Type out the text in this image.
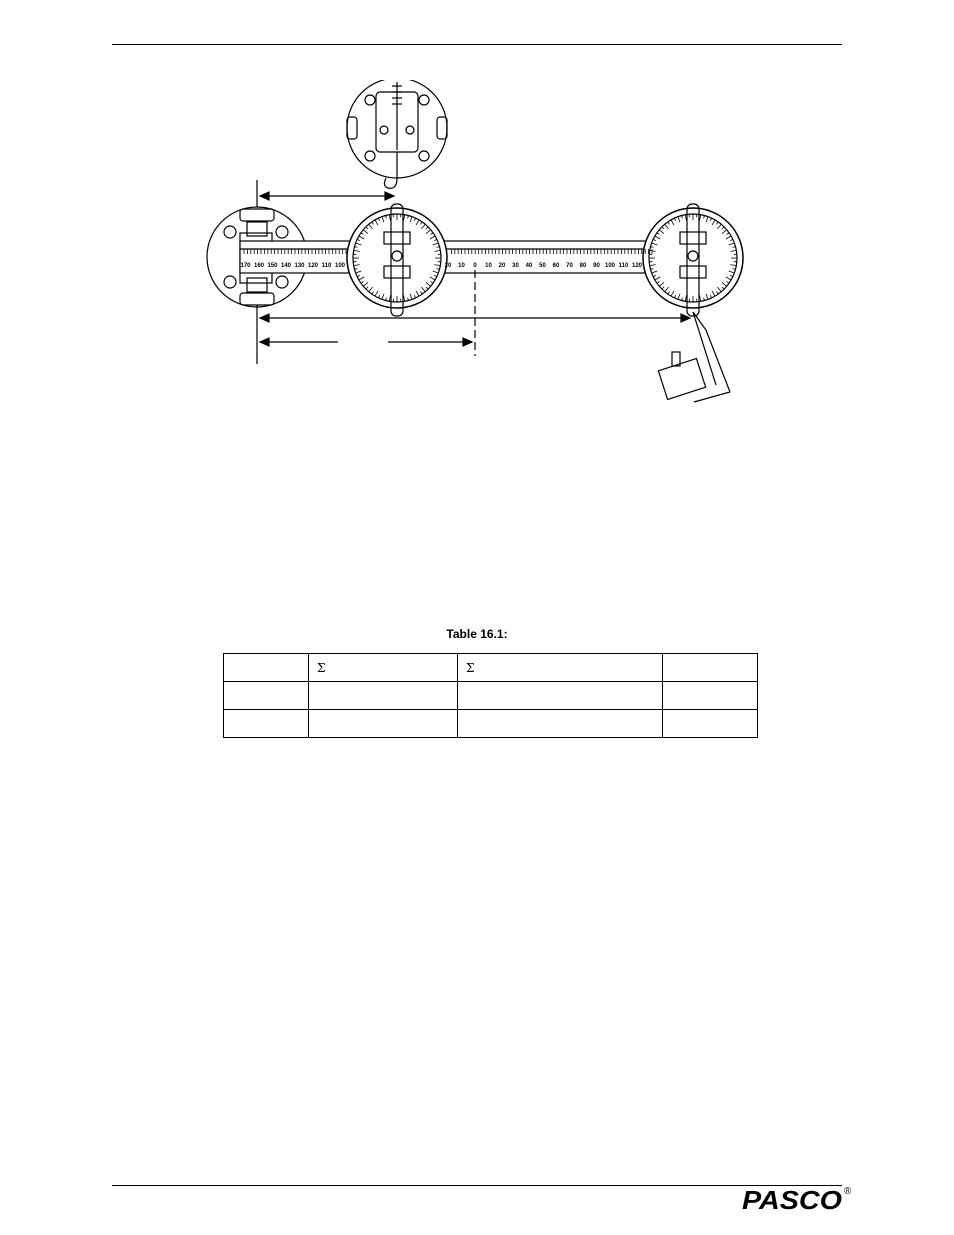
170 160 150 140 130 120 110 100	20 10 0 10 20 30 40 50 60 70 80 90 100 110 120
Table 16.1:
	Σ	Σ	

PASCO ®
